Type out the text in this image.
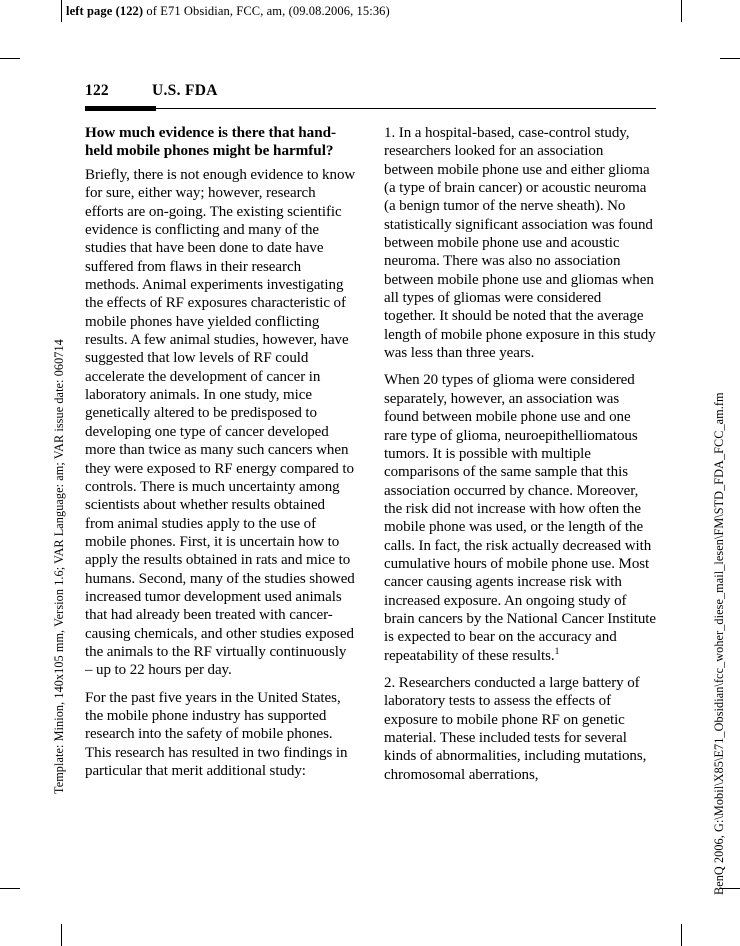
left page (122) of E71 Obsidian, FCC, am, (09.08.2006, 15:36)
Template: Minion, 140x105 mm, Version 1.6; VAR Language: am; VAR issue date: 060714	BenQ 2006, G:\Mobil\X85\E71_Obsidian\fcc_woher_diese_mail_lesen\FM\STD_FDA_FCC_am.fm
122	U.S. FDA
How much evidence is there that hand-held mobile phones might be harmful?

Briefly, there is not enough evidence to know for sure, either way; however, research efforts are on-going. The existing scientific evidence is conflicting and many of the studies that have been done to date have suffered from flaws in their research methods. Animal experiments investigating the effects of RF exposures characteristic of mobile phones have yielded conflicting results. A few animal studies, however, have suggested that low levels of RF could accelerate the development of cancer in laboratory animals. In one study, mice genetically altered to be predisposed to developing one type of cancer developed more than twice as many such cancers when they were exposed to RF energy compared to controls. There is much uncertainty among scientists about whether results obtained from animal studies apply to the use of mobile phones. First, it is uncertain how to apply the results obtained in rats and mice to humans. Second, many of the studies showed increased tumor development used animals that had already been treated with cancer-causing chemicals, and other studies exposed the animals to the RF virtually continuously – up to 22 hours per day.

For the past five years in the United States, the mobile phone industry has supported research into the safety of mobile phones. This research has resulted in two findings in particular that merit additional study:

1. In a hospital-based, case-control study, researchers looked for an association between mobile phone use and either glioma (a type of brain cancer) or acoustic neuroma (a benign tumor of the nerve sheath). No statistically significant association was found between mobile phone use and acoustic neuroma. There was also no association between mobile phone use and gliomas when all types of gliomas were considered together. It should be noted that the average length of mobile phone exposure in this study was less than three years.

When 20 types of glioma were considered separately, however, an association was found between mobile phone use and one rare type of glioma, neuroepithelliomatous tumors. It is possible with multiple comparisons of the same sample that this association occurred by chance. Moreover, the risk did not increase with how often the mobile phone was used, or the length of the calls. In fact, the risk actually decreased with cumulative hours of mobile phone use. Most cancer causing agents increase risk with increased exposure. An ongoing study of brain cancers by the National Cancer Institute is expected to bear on the accuracy and repeatability of these results.$^1$

2. Researchers conducted a large battery of laboratory tests to assess the effects of exposure to mobile phone RF on genetic material. These included tests for several kinds of abnormalities, including mutations, chromosomal aberrations,
